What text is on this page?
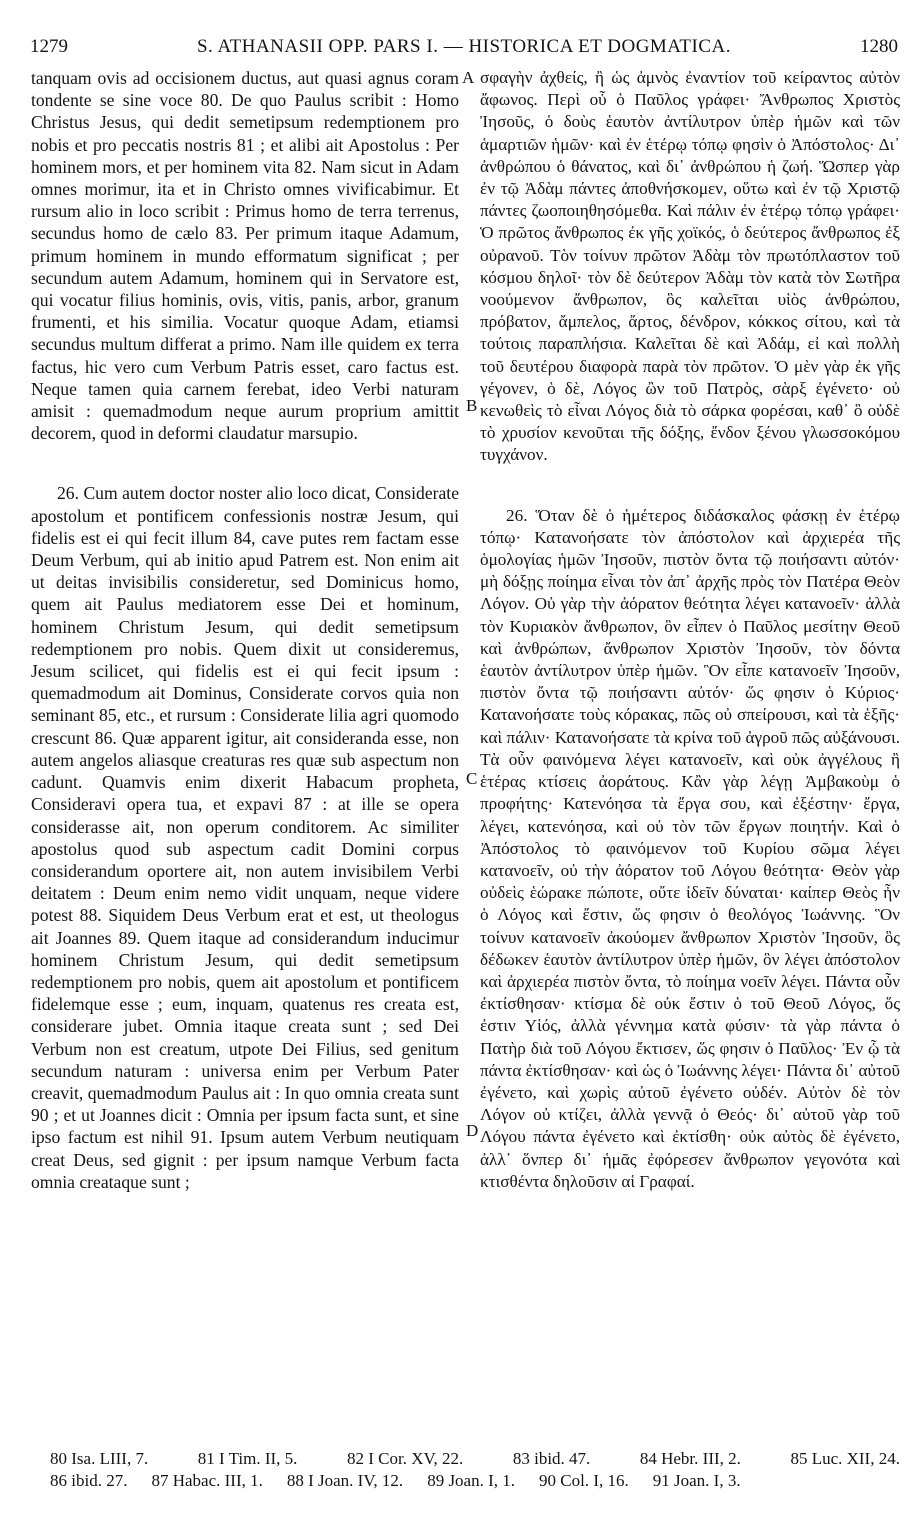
1279	S. ATHANASII OPP. PARS I. — HISTORICA ET DOGMATICA.	1280

tanquam ovis ad occisionem ductus, aut quasi agnus coram tondente se sine voce 80. De quo Paulus scribit : Homo Christus Jesus, qui dedit semetipsum redemptionem pro nobis et pro peccatis nostris 81 ; et alibi ait Apostolus : Per hominem mors, et per hominem vita 82. Nam sicut in Adam omnes morimur, ita et in Christo omnes vivificabimur. Et rursum alio in loco scribit : Primus homo de terra terrenus, secundus homo de cælo 83. Per primum itaque Adamum, primum hominem in mundo efformatum significat ; per secundum autem Adamum, hominem qui in Servatore est, qui vocatur filius hominis, ovis, vitis, panis, arbor, granum frumenti, et his similia. Vocatur quoque Adam, etiamsi secundus multum differat a primo. Nam ille quidem ex terra factus, hic vero cum Verbum Patris esset, caro factus est. Neque tamen quia carnem ferebat, ideo Verbi naturam amisit : quemadmodum neque aurum proprium amittit decorem, quod in deformi claudatur marsupio.

26. Cum autem doctor noster alio loco dicat, Considerate apostolum et pontificem confessionis nostræ Jesum, qui fidelis est ei qui fecit illum 84, cave putes rem factam esse Deum Verbum, qui ab initio apud Patrem est. Non enim ait ut deitas invisibilis consideretur, sed Dominicus homo, quem ait Paulus mediatorem esse Dei et hominum, hominem Christum Jesum, qui dedit semetipsum redemptionem pro nobis. Quem dixit ut consideremus, Jesum scilicet, qui fidelis est ei qui fecit ipsum : quemadmodum ait Dominus, Considerate corvos quia non seminant 85, etc., et rursum : Considerate lilia agri quomodo crescunt 86. Quæ apparent igitur, ait consideranda esse, non autem angelos aliasque creaturas res quæ sub aspectum non cadunt. Quamvis enim dixerit Habacum propheta, Consideravi opera tua, et expavi 87 : at ille se opera considerasse ait, non operum conditorem. Ac similiter apostolus quod sub aspectum cadit Domini corpus considerandum oportere ait, non autem invisibilem Verbi deitatem : Deum enim nemo vidit unquam, neque videre potest 88. Siquidem Deus Verbum erat et est, ut theologus ait Joannes 89. Quem itaque ad considerandum inducimur hominem Christum Jesum, qui dedit semetipsum redemptionem pro nobis, quem ait apostolum et pontificem fidelemque esse ; eum, inquam, quatenus res creata est, considerare jubet. Omnia itaque creata sunt ; sed Dei Verbum non est creatum, utpote Dei Filius, sed genitum secundum naturam : universa enim per Verbum Pater creavit, quemadmodum Paulus ait : In quo omnia creata sunt 90 ; et ut Joannes dicit : Omnia per ipsum facta sunt, et sine ipso factum est nihil 91. Ipsum autem Verbum neutiquam creat Deus, sed gignit : per ipsum namque Verbum facta omnia creataque sunt ;

A
B
C
D

σφαγὴν ἀχθείς, ἢ ὡς ἀμνὸς ἐναντίον τοῦ κείραντος αὐτὸν ἄφωνος. Περὶ οὗ ὁ Παῦλος γράφει· Ἄνθρωπος Χριστὸς Ἰησοῦς, ὁ δοὺς ἑαυτὸν ἀντίλυτρον ὑπὲρ ἡμῶν καὶ τῶν ἁμαρτιῶν ἡμῶν· καὶ ἐν ἑτέρῳ τόπῳ φησὶν ὁ Ἀπόστολος· Δι᾽ ἀνθρώπου ὁ θάνατος, καὶ δι᾽ ἀνθρώπου ἡ ζωή. Ὥσπερ γὰρ ἐν τῷ Ἀδὰμ πάντες ἀποθνήσκομεν, οὕτω καὶ ἐν τῷ Χριστῷ πάντες ζωοποιηθησόμεθα. Καὶ πάλιν ἐν ἑτέρῳ τόπῳ γράφει· Ὁ πρῶτος ἄνθρωπος ἐκ γῆς χοϊκός, ὁ δεύτερος ἄνθρωπος ἐξ οὐρανοῦ. Τὸν τοίνυν πρῶτον Ἀδὰμ τὸν πρωτόπλαστον τοῦ κόσμου δηλοῖ· τὸν δὲ δεύτερον Ἀδὰμ τὸν κατὰ τὸν Σωτῆρα νοούμενον ἄνθρωπον, ὃς καλεῖται υἱὸς ἀνθρώπου, πρόβατον, ἄμπελος, ἄρτος, δένδρον, κόκκος σίτου, καὶ τὰ τούτοις παραπλήσια. Καλεῖται δὲ καὶ Ἀδάμ, εἰ καὶ πολλὴ τοῦ δευτέρου διαφορὰ παρὰ τὸν πρῶτον. Ὁ μὲν γὰρ ἐκ γῆς γέγονεν, ὁ δὲ, Λόγος ὢν τοῦ Πατρὸς, σὰρξ ἐγένετο· οὐ κενωθεὶς τὸ εἶναι Λόγος διὰ τὸ σάρκα φορέσαι, καθ᾽ ὃ οὐδὲ τὸ χρυσίον κενοῦται τῆς δόξης, ἔνδον ξένου γλωσσοκόμου τυγχάνον.

26. Ὅταν δὲ ὁ ἡμέτερος διδάσκαλος φάσκῃ ἐν ἑτέρῳ τόπῳ· Κατανοήσατε τὸν ἀπόστολον καὶ ἀρχιερέα τῆς ὁμολογίας ἡμῶν Ἰησοῦν, πιστὸν ὄντα τῷ ποιήσαντι αὐτόν· μὴ δόξῃς ποίημα εἶναι τὸν ἀπ᾽ ἀρχῆς πρὸς τὸν Πατέρα Θεὸν Λόγον. Οὐ γὰρ τὴν ἀόρατον θεότητα λέγει κατανοεῖν· ἀλλὰ τὸν Κυριακὸν ἄνθρωπον, ὃν εἶπεν ὁ Παῦλος μεσίτην Θεοῦ καὶ ἀνθρώπων, ἄνθρωπον Χριστὸν Ἰησοῦν, τὸν δόντα ἑαυτὸν ἀντίλυτρον ὑπὲρ ἡμῶν. Ὃν εἶπε κατανοεῖν Ἰησοῦν, πιστὸν ὄντα τῷ ποιήσαντι αὐτόν· ὥς φησιν ὁ Κύριος· Κατανοήσατε τοὺς κόρακας, πῶς οὐ σπείρουσι, καὶ τὰ ἑξῆς· καὶ πάλιν· Κατανοήσατε τὰ κρίνα τοῦ ἀγροῦ πῶς αὐξάνουσι. Τὰ οὖν φαινόμενα λέγει κατανοεῖν, καὶ οὐκ ἀγγέλους ἢ ἑτέρας κτίσεις ἀοράτους. Κἂν γὰρ λέγῃ Ἀμβακοὺμ ὁ προφήτης· Κατενόησα τὰ ἔργα σου, καὶ ἐξέστην· ἔργα, λέγει, κατενόησα, καὶ οὐ τὸν τῶν ἔργων ποιητήν. Καὶ ὁ Ἀπόστολος τὸ φαινόμενον τοῦ Κυρίου σῶμα λέγει κατανοεῖν, οὐ τὴν ἀόρατον τοῦ Λόγου θεότητα· Θεὸν γὰρ οὐδεὶς ἑώρακε πώποτε, οὔτε ἰδεῖν δύναται· καίπερ Θεὸς ἦν ὁ Λόγος καὶ ἔστιν, ὥς φησιν ὁ θεολόγος Ἰωάννης. Ὃν τοίνυν κατανοεῖν ἀκούομεν ἄνθρωπον Χριστὸν Ἰησοῦν, ὃς δέδωκεν ἑαυτὸν ἀντίλυτρον ὑπὲρ ἡμῶν, ὃν λέγει ἀπόστολον καὶ ἀρχιερέα πιστὸν ὄντα, τὸ ποίημα νοεῖν λέγει. Πάντα οὖν ἐκτίσθησαν· κτίσμα δὲ οὐκ ἔστιν ὁ τοῦ Θεοῦ Λόγος, ὅς ἐστιν Υἱός, ἀλλὰ γέννημα κατὰ φύσιν· τὰ γὰρ πάντα ὁ Πατὴρ διὰ τοῦ Λόγου ἔκτισεν, ὥς φησιν ὁ Παῦλος· Ἐν ᾧ τὰ πάντα ἐκτίσθησαν· καὶ ὡς ὁ Ἰωάννης λέγει· Πάντα δι᾽ αὐτοῦ ἐγένετο, καὶ χωρὶς αὐτοῦ ἐγένετο οὐδέν. Αὐτὸν δὲ τὸν Λόγον οὐ κτίζει, ἀλλὰ γεννᾷ ὁ Θεός· δι᾽ αὐτοῦ γὰρ τοῦ Λόγου πάντα ἐγένετο καὶ ἐκτίσθη· οὐκ αὐτὸς δὲ ἐγένετο, ἀλλ᾽ ὅνπερ δι᾽ ἡμᾶς ἐφόρεσεν ἄνθρωπον γεγονότα καὶ κτισθέντα δηλοῦσιν αἱ Γραφαί.

80 Isa. LIII, 7.	81 I Tim. II, 5.	82 I Cor. XV, 22.	83 ibid. 47.	84 Hebr. III, 2.	85 Luc. XII, 24.
86 ibid. 27. 87 Habac. III, 1. 88 I Joan. IV, 12. 89 Joan. I, 1. 90 Col. I, 16. 91 Joan. I, 3.
